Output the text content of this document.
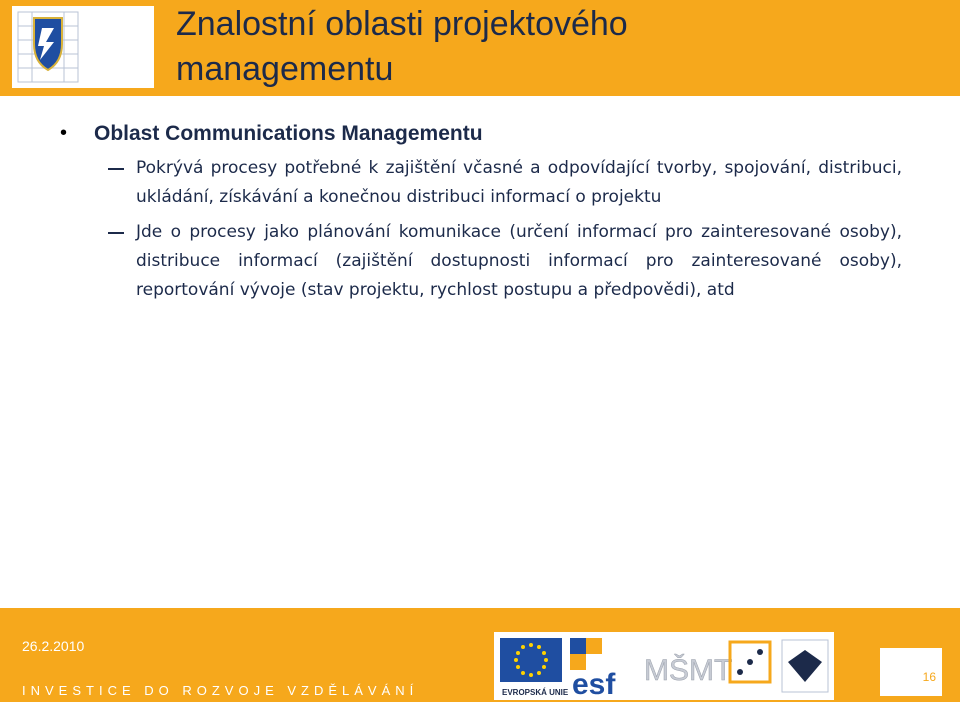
Znalostní oblasti projektového
managementu
• Oblast Communications Managementu
Pokrývá procesy potřebné k zajištění včasné a odpovídající tvorby, spojování, distribuci, ukládání, získávání a konečnou distribuci informací o projektu
Jde o procesy jako plánování komunikace (určení informací pro zainteresované osoby), distribuce informací (zajištění dostupnosti informací pro zainteresované osoby), reportování vývoje (stav projektu, rychlost postupu a předpovědi), atd
26.2.2010
INVESTICE DO ROZVOJE VZDĚLÁVÁNÍ	EVROPSKÁ UNIE esf MŠMT	16
